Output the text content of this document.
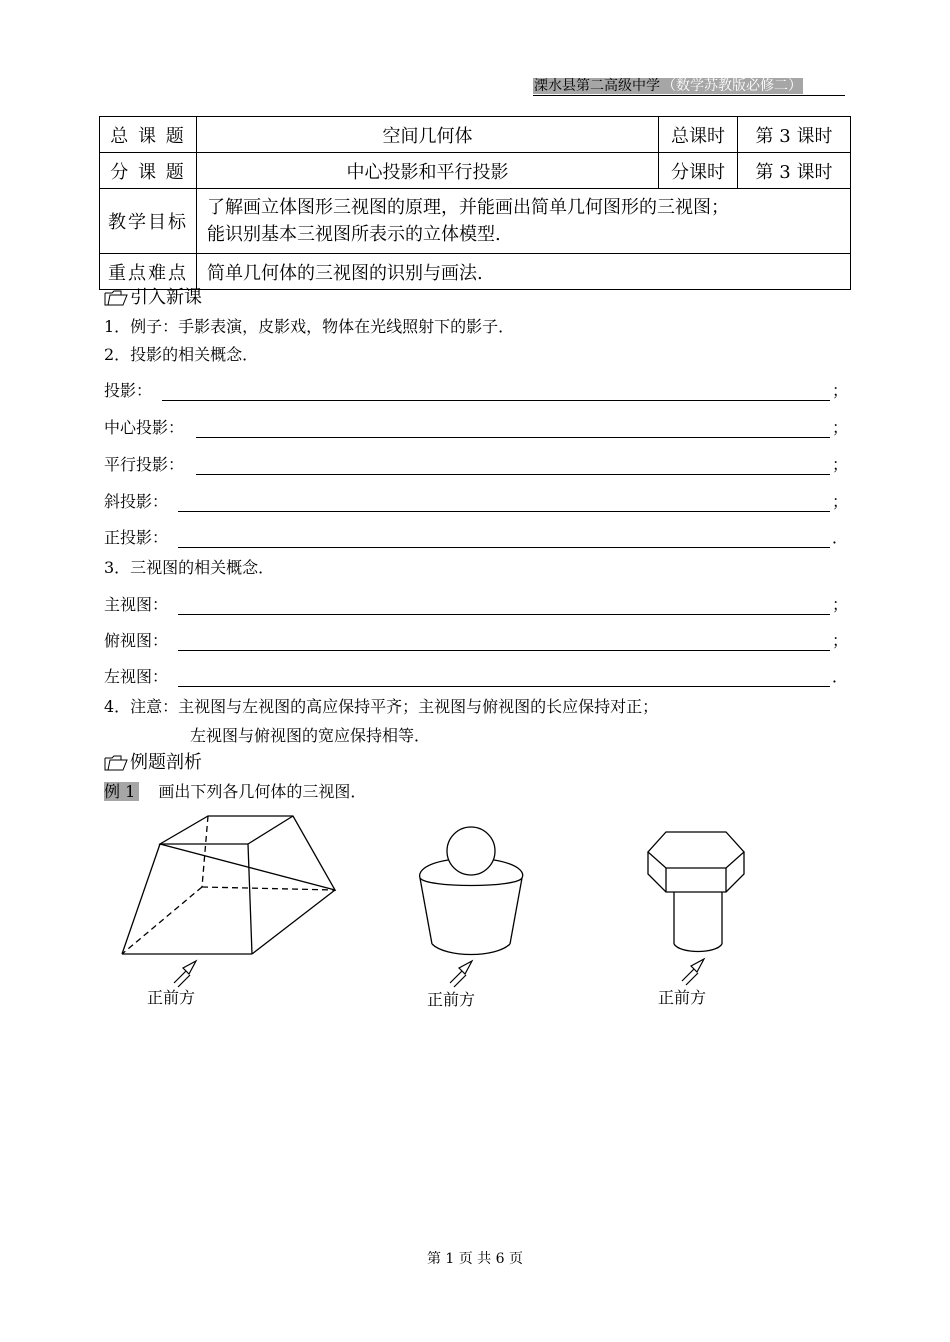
溧水县第二高级中学 （数学苏教版必修二）
总 课 题	空间几何体	总课时	第 3 课时
分 课 题	中心投影和平行投影	分课时	第 3 课时
教学目标	了解画立体图形三视图的原理，并能画出简单几何图形的三视图；
能识别基本三视图所表示的立体模型.		

重点难点	简单几何体的三视图的识别与画法.		
引入新课
1．例子：手影表演，皮影戏，物体在光线照射下的影子．
2．投影的相关概念．
投影：	；
中心投影：	；
平行投影：	；
斜投影：	；
正投影：	．
3．三视图的相关概念．
主视图：	；
俯视图：	；
左视图：	．
4．注意：主视图与左视图的高应保持平齐；主视图与俯视图的长应保持对正；
左视图与俯视图的宽应保持相等．
例题剖析
例 1 画出下列各几何体的三视图．
正前方	正前方	正前方
第 1 页 共 6 页
